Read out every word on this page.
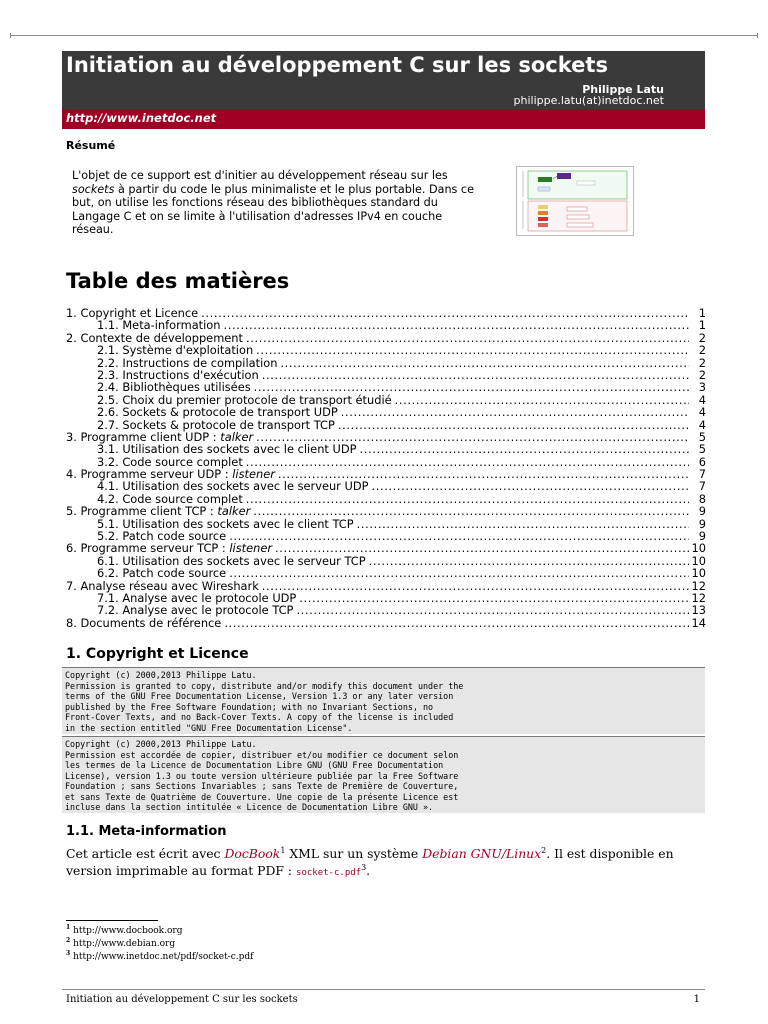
Initiation au développement C sur les sockets
Philippe Latu
philippe.latu(at)inetdoc.net
http://www.inetdoc.net
Résumé
L'objet de ce support est d'initier au développement réseau sur les sockets à partir du code le plus minimaliste et le plus portable. Dans ce but, on utilise les fonctions réseau des bibliothèques standard du Langage C et on se limite à l'utilisation d'adresses IPv4 en couche réseau.
Table des matières
1. Copyright et Licence . . .	1
1.1. Meta-information . . .	1
2. Contexte de développement . . .	2
2.1. Système d'exploitation . . .	2
2.2. Instructions de compilation . . .	2
2.3. Instructions d'exécution . . .	2
2.4. Bibliothèques utilisées . . .	3
2.5. Choix du premier protocole de transport étudié . . .	4
2.6. Sockets & protocole de transport UDP . . .	4
2.7. Sockets & protocole de transport TCP . . .	4
3. Programme client UDP : talker . . .	5
3.1. Utilisation des sockets avec le client UDP . . .	5
3.2. Code source complet . . .	6
4. Programme serveur UDP : listener . . .	7
4.1. Utilisation des sockets avec le serveur UDP . . .	7
4.2. Code source complet . . .	8
5. Programme client TCP : talker . . .	9
5.1. Utilisation des sockets avec le client TCP . . .	9
5.2. Patch code source . . .	9
6. Programme serveur TCP : listener . . .	10
6.1. Utilisation des sockets avec le serveur TCP . . .	10
6.2. Patch code source . . .	10
7. Analyse réseau avec Wireshark . . .	12
7.1. Analyse avec le protocole UDP . . .	12
7.2. Analyse avec le protocole TCP . . .	13
8. Documents de référence . . .	14
1. Copyright et Licence
Copyright (c) 2000,2013 Philippe Latu.
Permission is granted to copy, distribute and/or modify this document under the
terms of the GNU Free Documentation License, Version 1.3 or any later version
published by the Free Software Foundation; with no Invariant Sections, no
Front-Cover Texts, and no Back-Cover Texts. A copy of the license is included
in the section entitled "GNU Free Documentation License".
Copyright (c) 2000,2013 Philippe Latu.
Permission est accordée de copier, distribuer et/ou modifier ce document selon
les termes de la Licence de Documentation Libre GNU (GNU Free Documentation
License), version 1.3 ou toute version ultérieure publiée par la Free Software
Foundation ; sans Sections Invariables ; sans Texte de Première de Couverture,
et sans Texte de Quatrième de Couverture. Une copie de la présente Licence est
incluse dans la section intitulée « Licence de Documentation Libre GNU ».
1.1. Meta-information
Cet article est écrit avec DocBook$^1$ XML sur un système Debian GNU/Linux$^2$. Il est disponible en version imprimable au format PDF : socket-c.pdf$^3$.
$^1$ http://www.docbook.org
$^2$ http://www.debian.org
$^3$ http://www.inetdoc.net/pdf/socket-c.pdf
Initiation au développement C sur les sockets	1
